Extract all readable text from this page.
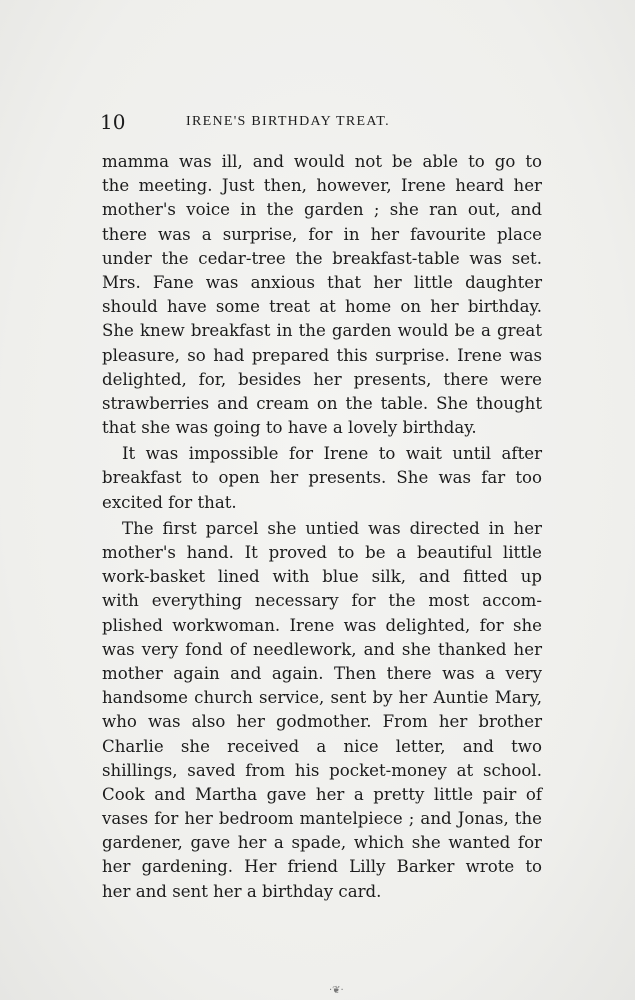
10	IRENE'S BIRTHDAY TREAT.
mamma was ill, and would not be able to go to
the meeting. Just then, however, Irene heard her
mother's voice in the garden ; she ran out, and
there was a surprise, for in her favourite place
under the cedar-tree the breakfast-table was set.
Mrs. Fane was anxious that her little daughter
should have some treat at home on her birthday.
She knew breakfast in the garden would be a great
pleasure, so had prepared this surprise. Irene was
delighted, for, besides her presents, there were
strawberries and cream on the table. She thought
that she was going to have a lovely birthday.
It was impossible for Irene to wait until after
breakfast to open her presents. She was far too
excited for that.
The first parcel she untied was directed in her
mother's hand. It proved to be a beautiful little
work-basket lined with blue silk, and fitted up
with everything necessary for the most accom-
plished workwoman. Irene was delighted, for she
was very fond of needlework, and she thanked her
mother again and again. Then there was a very
handsome church service, sent by her Auntie Mary,
who was also her godmother. From her brother
Charlie she received a nice letter, and two
shillings, saved from his pocket-money at school.
Cook and Martha gave her a pretty little pair of
vases for her bedroom mantelpiece ; and Jonas, the
gardener, gave her a spade, which she wanted for
her gardening. Her friend Lilly Barker wrote to
her and sent her a birthday card.
·❦·
